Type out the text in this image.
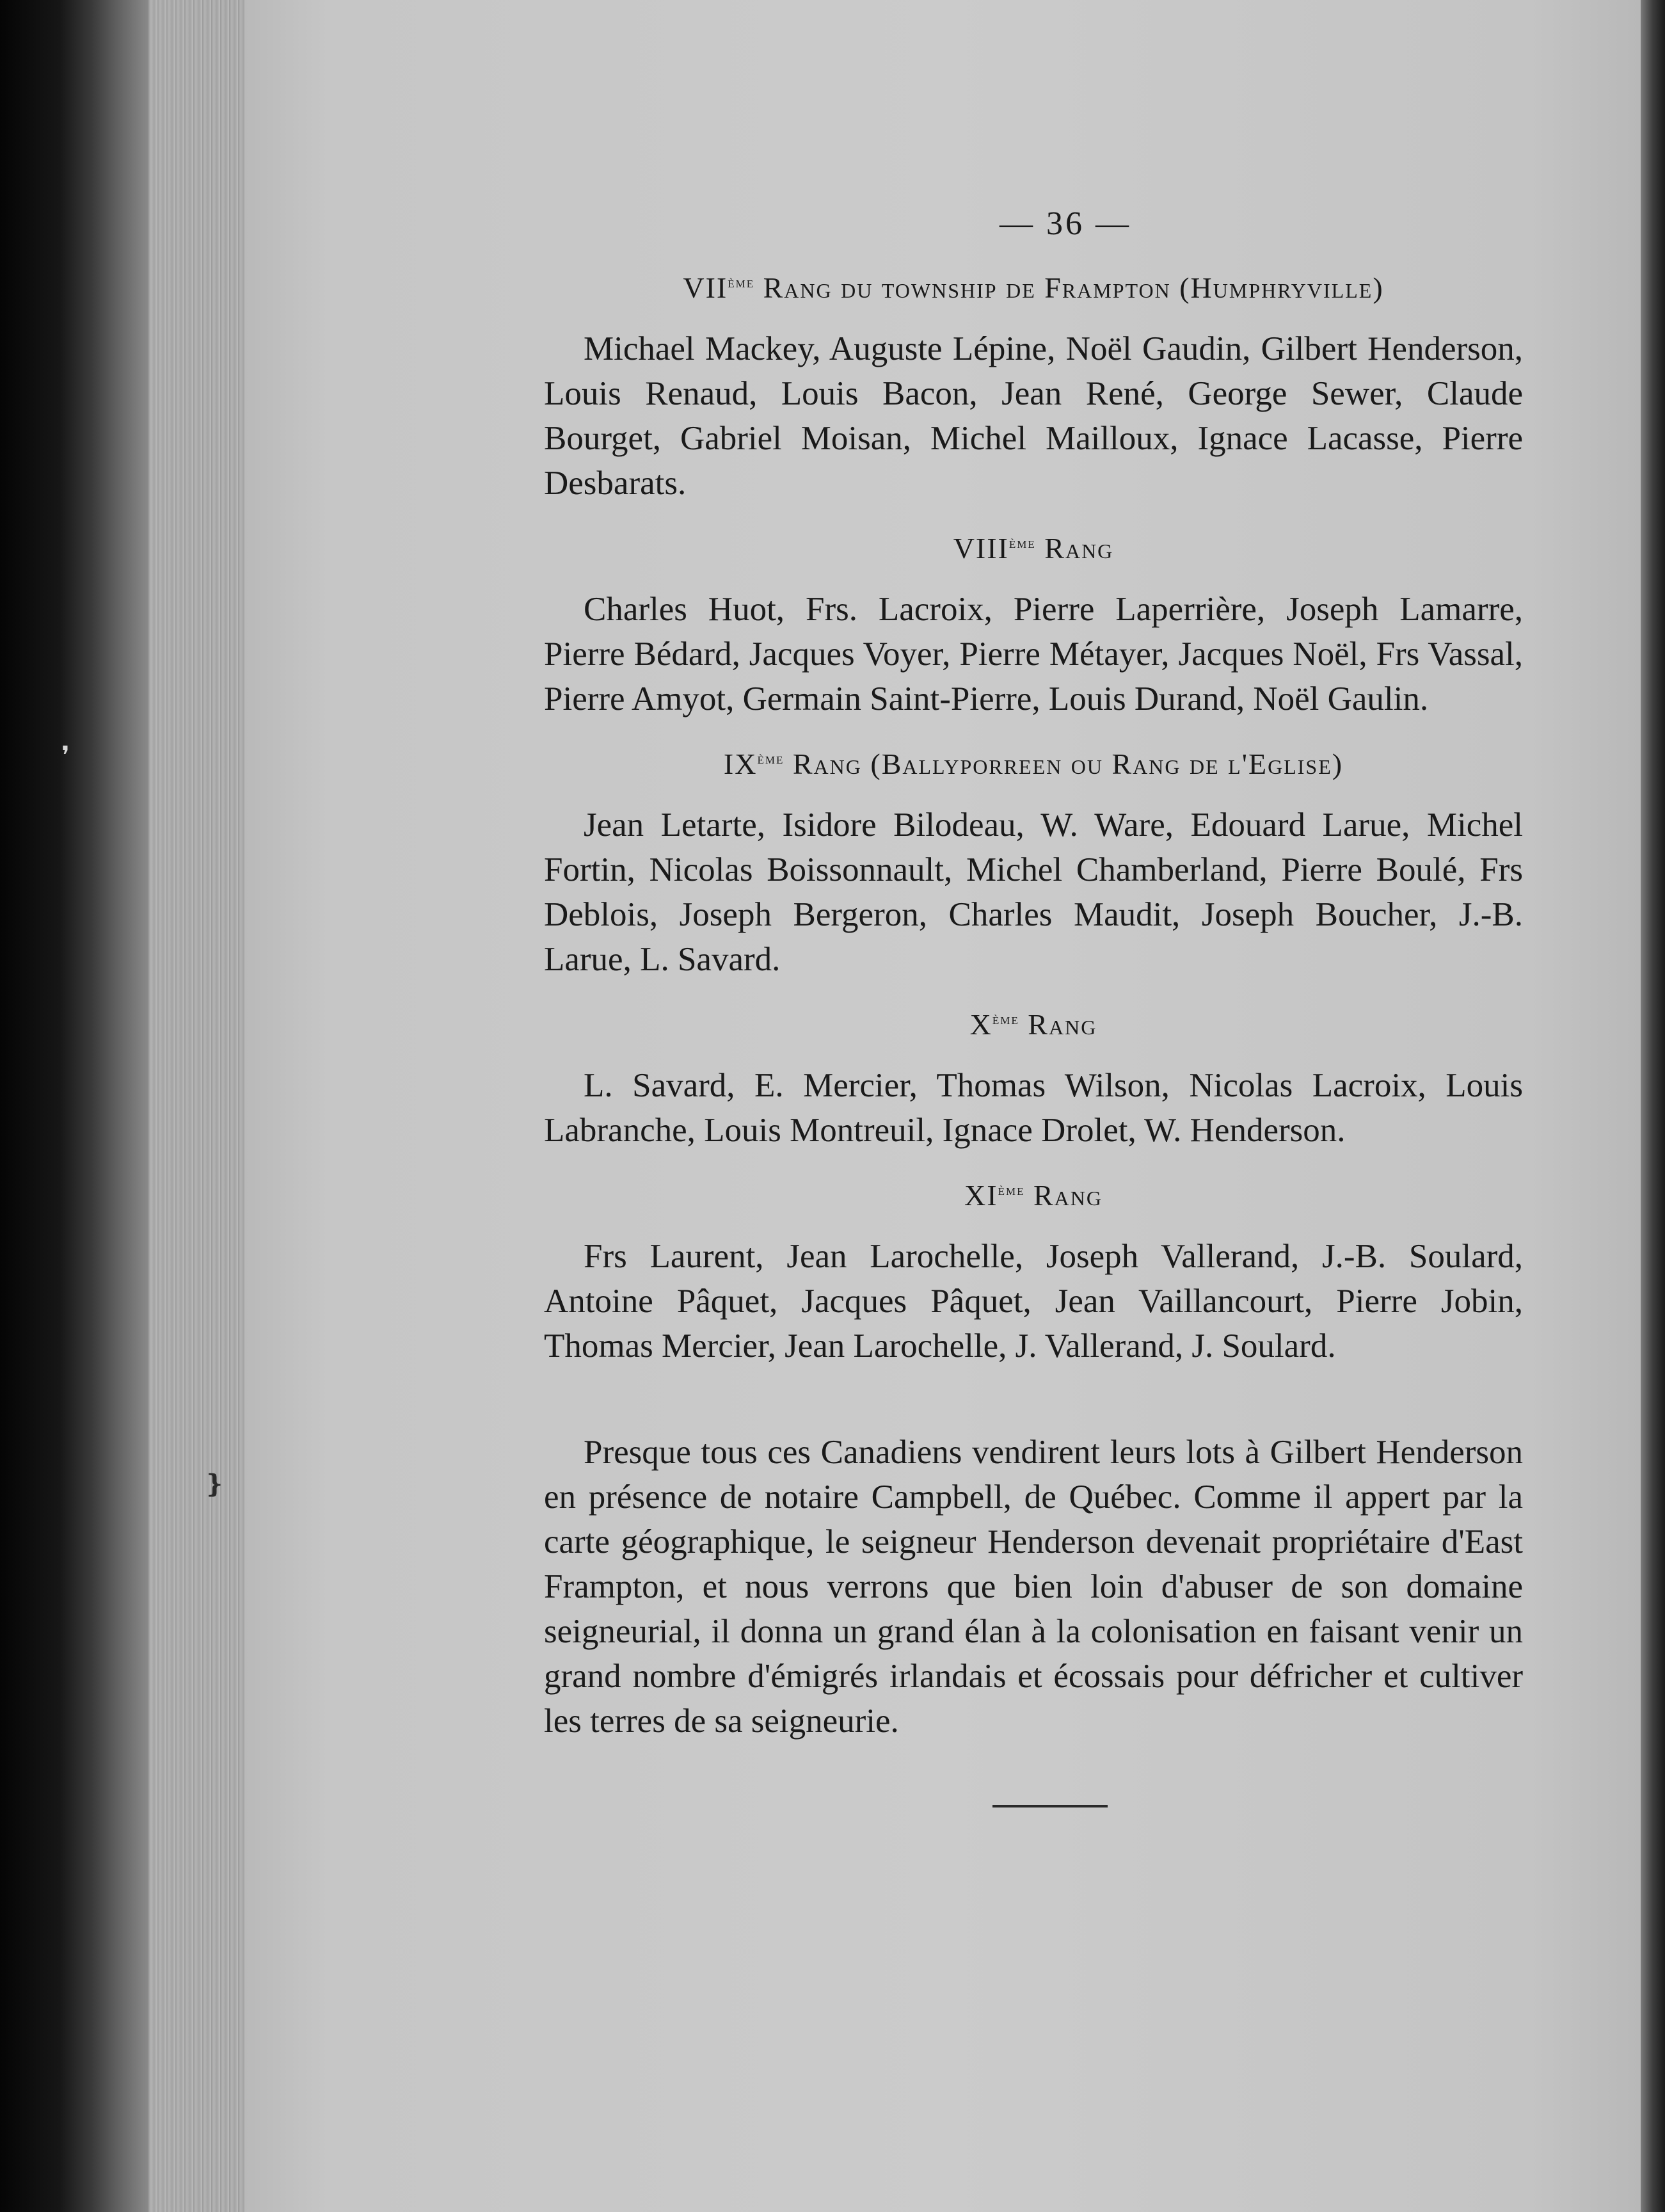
❜
❵
— 36 —
VIIème Rang du township de Frampton (Humphryville)

Michael Mackey, Auguste Lépine, Noël Gaudin, Gilbert Henderson, Louis Renaud, Louis Bacon, Jean René, George Sewer, Claude Bourget, Gabriel Moisan, Michel Mailloux, Ignace Lacasse, Pierre Desbarats.

VIIIème Rang

Charles Huot, Frs. Lacroix, Pierre Laperrière, Joseph Lamarre, Pierre Bédard, Jacques Voyer, Pierre Métayer, Jacques Noël, Frs Vassal, Pierre Amyot, Germain Saint-Pierre, Louis Durand, Noël Gaulin.

IXème Rang (Ballyporreen ou Rang de l'Eglise)

Jean Letarte, Isidore Bilodeau, W. Ware, Edouard Larue, Michel Fortin, Nicolas Boissonnault, Michel Chamberland, Pierre Boulé, Frs Deblois, Joseph Bergeron, Charles Maudit, Joseph Boucher, J.-B. Larue, L. Savard.

Xème Rang

L. Savard, E. Mercier, Thomas Wilson, Nicolas Lacroix, Louis Labranche, Louis Montreuil, Ignace Drolet, W. Henderson.

XIème Rang

Frs Laurent, Jean Larochelle, Joseph Vallerand, J.-B. Soulard, Antoine Pâquet, Jacques Pâquet, Jean Vaillancourt, Pierre Jobin, Thomas Mercier, Jean Larochelle, J. Vallerand, J. Soulard.

Presque tous ces Canadiens vendirent leurs lots à Gilbert Henderson en présence de notaire Campbell, de Québec. Comme il appert par la carte géographique, le seigneur Henderson devenait propriétaire d'East Frampton, et nous verrons que bien loin d'abuser de son domaine seigneurial, il donna un grand élan à la colonisation en faisant venir un grand nombre d'émigrés irlandais et écossais pour défricher et cultiver les terres de sa seigneurie.
